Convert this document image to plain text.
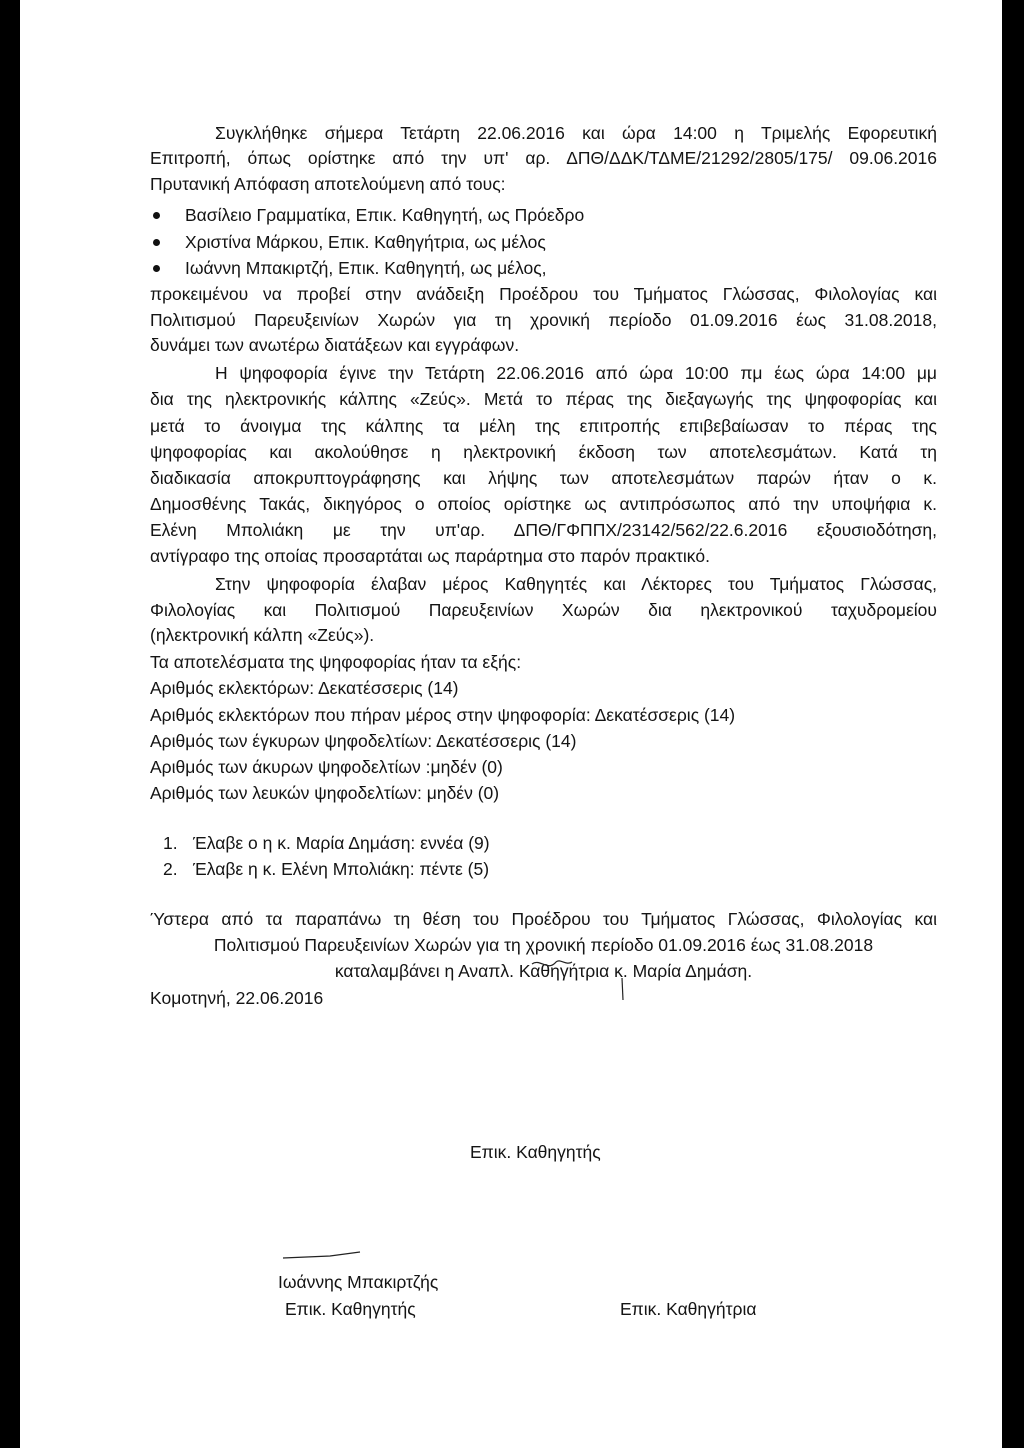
Συγκλήθηκε σήμερα Τετάρτη 22.06.2016 και ώρα 14:00 η Τριμελής Εφορευτική
Επιτροπή, όπως ορίστηκε από την υπ' αρ. ΔΠΘ/ΔΔΚ/ΤΔΜΕ/21292/2805/175/ 09.06.2016
Πρυτανική Απόφαση αποτελούμενη από τους:
Βασίλειο Γραμματίκα, Επικ. Καθηγητή, ως Πρόεδρο
Χριστίνα Μάρκου, Επικ. Καθηγήτρια, ως μέλος
Ιωάννη Μπακιρτζή, Επικ. Καθηγητή, ως μέλος,
προκειμένου να προβεί στην ανάδειξη Προέδρου του Τμήματος Γλώσσας, Φιλολογίας και
Πολιτισμού Παρευξεινίων Χωρών για τη χρονική περίοδο 01.09.2016 έως 31.08.2018,
δυνάμει των ανωτέρω διατάξεων και εγγράφων.
Η ψηφοφορία έγινε την Τετάρτη 22.06.2016 από ώρα 10:00 πμ έως ώρα 14:00 μμ
δια της ηλεκτρονικής κάλπης «Ζεύς». Μετά το πέρας της διεξαγωγής της ψηφοφορίας και
μετά το άνοιγμα της κάλπης τα μέλη της επιτροπής επιβεβαίωσαν το πέρας της
ψηφοφορίας και ακολούθησε η ηλεκτρονική έκδοση των αποτελεσμάτων. Κατά τη
διαδικασία αποκρυπτογράφησης και λήψης των αποτελεσμάτων παρών ήταν ο κ.
Δημοσθένης Τακάς, δικηγόρος ο οποίος ορίστηκε ως αντιπρόσωπος από την υποψήφια κ.
Ελένη Μπολιάκη με την υπ'αρ. ΔΠΘ/ΓΦΠΠΧ/23142/562/22.6.2016 εξουσιοδότηση,
αντίγραφο της οποίας προσαρτάται ως παράρτημα στο παρόν πρακτικό.
Στην ψηφοφορία έλαβαν μέρος Καθηγητές και Λέκτορες του Τμήματος Γλώσσας,
Φιλολογίας και Πολιτισμού Παρευξεινίων Χωρών δια ηλεκτρονικού ταχυδρομείου
(ηλεκτρονική κάλπη «Ζεύς»).
Τα αποτελέσματα της ψηφοφορίας ήταν τα εξής:
Αριθμός εκλεκτόρων: Δεκατέσσερις (14)
Αριθμός εκλεκτόρων που πήραν μέρος στην ψηφοφορία: Δεκατέσσερις (14)
Αριθμός των έγκυρων ψηφοδελτίων: Δεκατέσσερις (14)
Αριθμός των άκυρων ψηφοδελτίων :μηδέν (0)
Αριθμός των λευκών ψηφοδελτίων: μηδέν (0)
1. Έλαβε ο η κ. Μαρία Δημάση: εννέα (9)
2. Έλαβε η κ. Ελένη Μπολιάκη: πέντε (5)
Ύστερα από τα παραπάνω τη θέση του Προέδρου του Τμήματος Γλώσσας, Φιλολογίας και
Πολιτισμού Παρευξεινίων Χωρών για τη χρονική περίοδο 01.09.2016 έως 31.08.2018
καταλαμβάνει η Αναπλ. Καθηγήτρια κ. Μαρία Δημάση.
Κομοτηνή, 22.06.2016
Επικ. Καθηγητής
Ιωάννης Μπακιρτζής
Επικ. Καθηγητής	Επικ. Καθηγήτρια
